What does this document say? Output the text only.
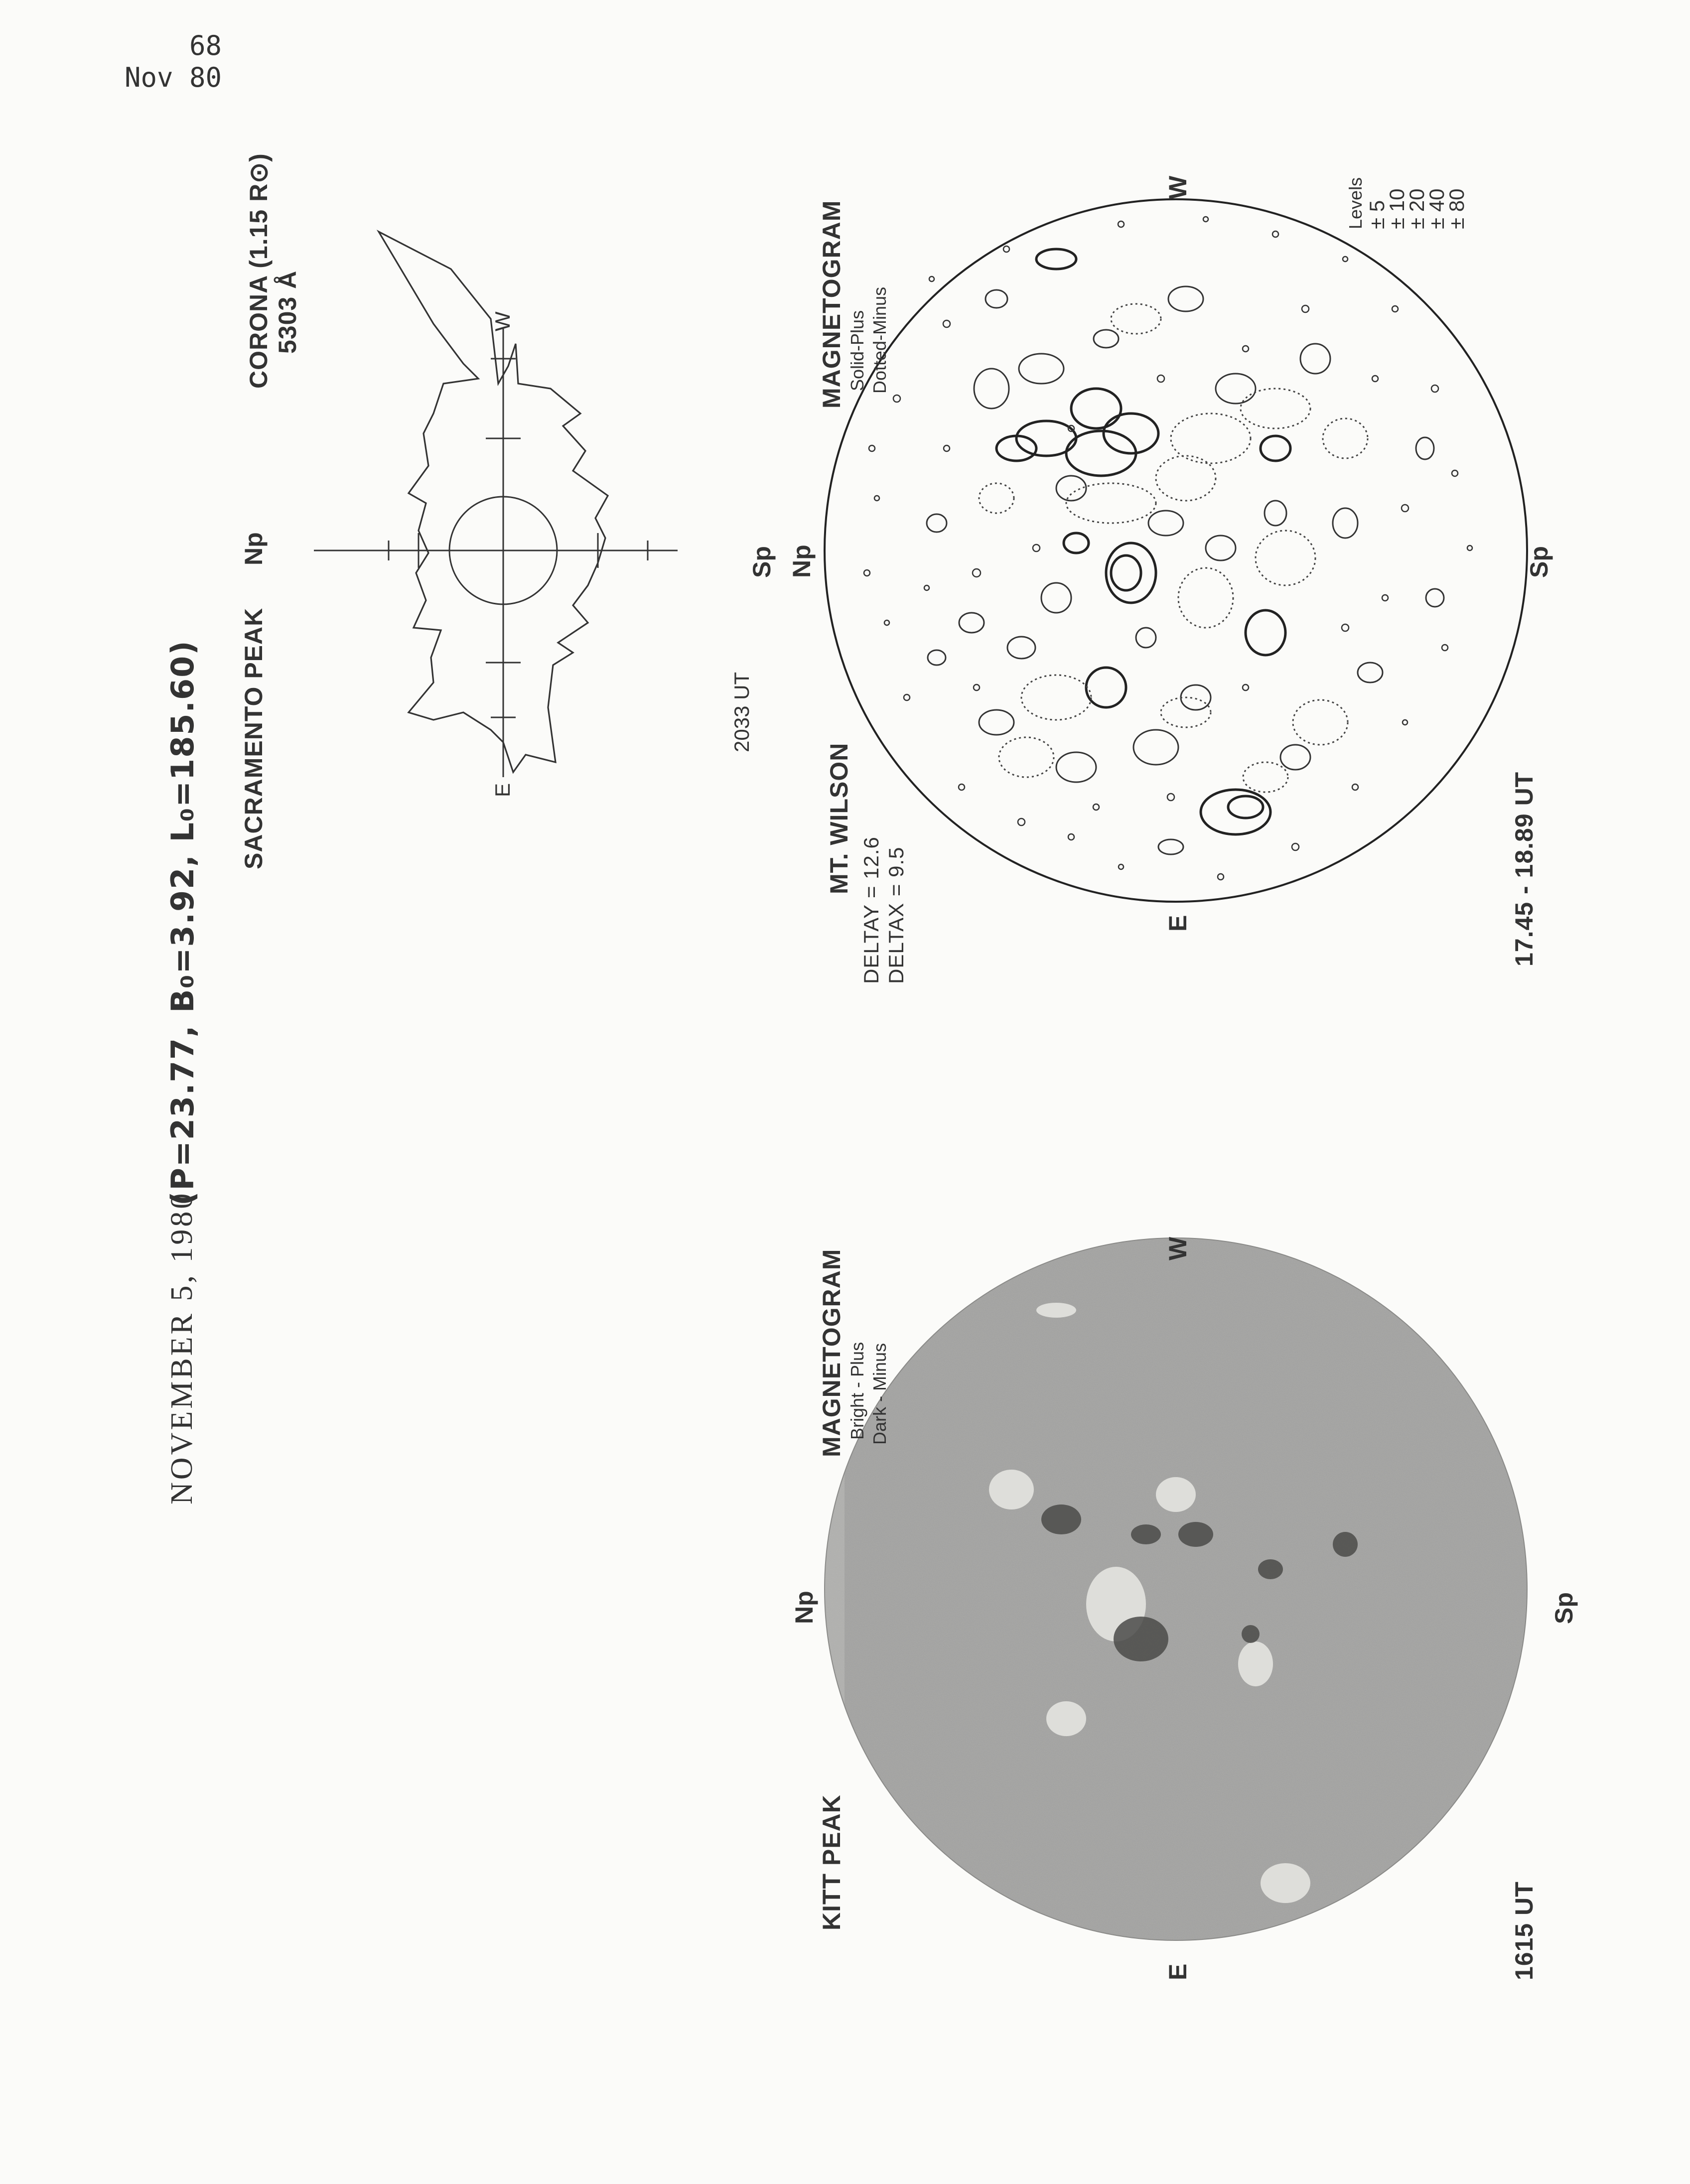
68
Nov 80
NOVEMBER 5, 1980
(P=23.77, B₀=3.92, L₀=185.60) SACRAMENTO PEAK
CORONA (1.15 R⊙) 5303 Å
Np
E
W
2033 UT
MAGNETOGRAM Solid-Plus Dotted-Minus
Sp Np	Sp
E
W
MT. WILSON
DELTAY = 12.6 DELTAX = 9.5	17.45 - 18.89 UT
Levels ± 5
± 10
± 20
± 40
± 80
MAGNETOGRAM Bright - Plus Dark - Minus
Np	Sp
E
W
KITT PEAK
1615 UT
